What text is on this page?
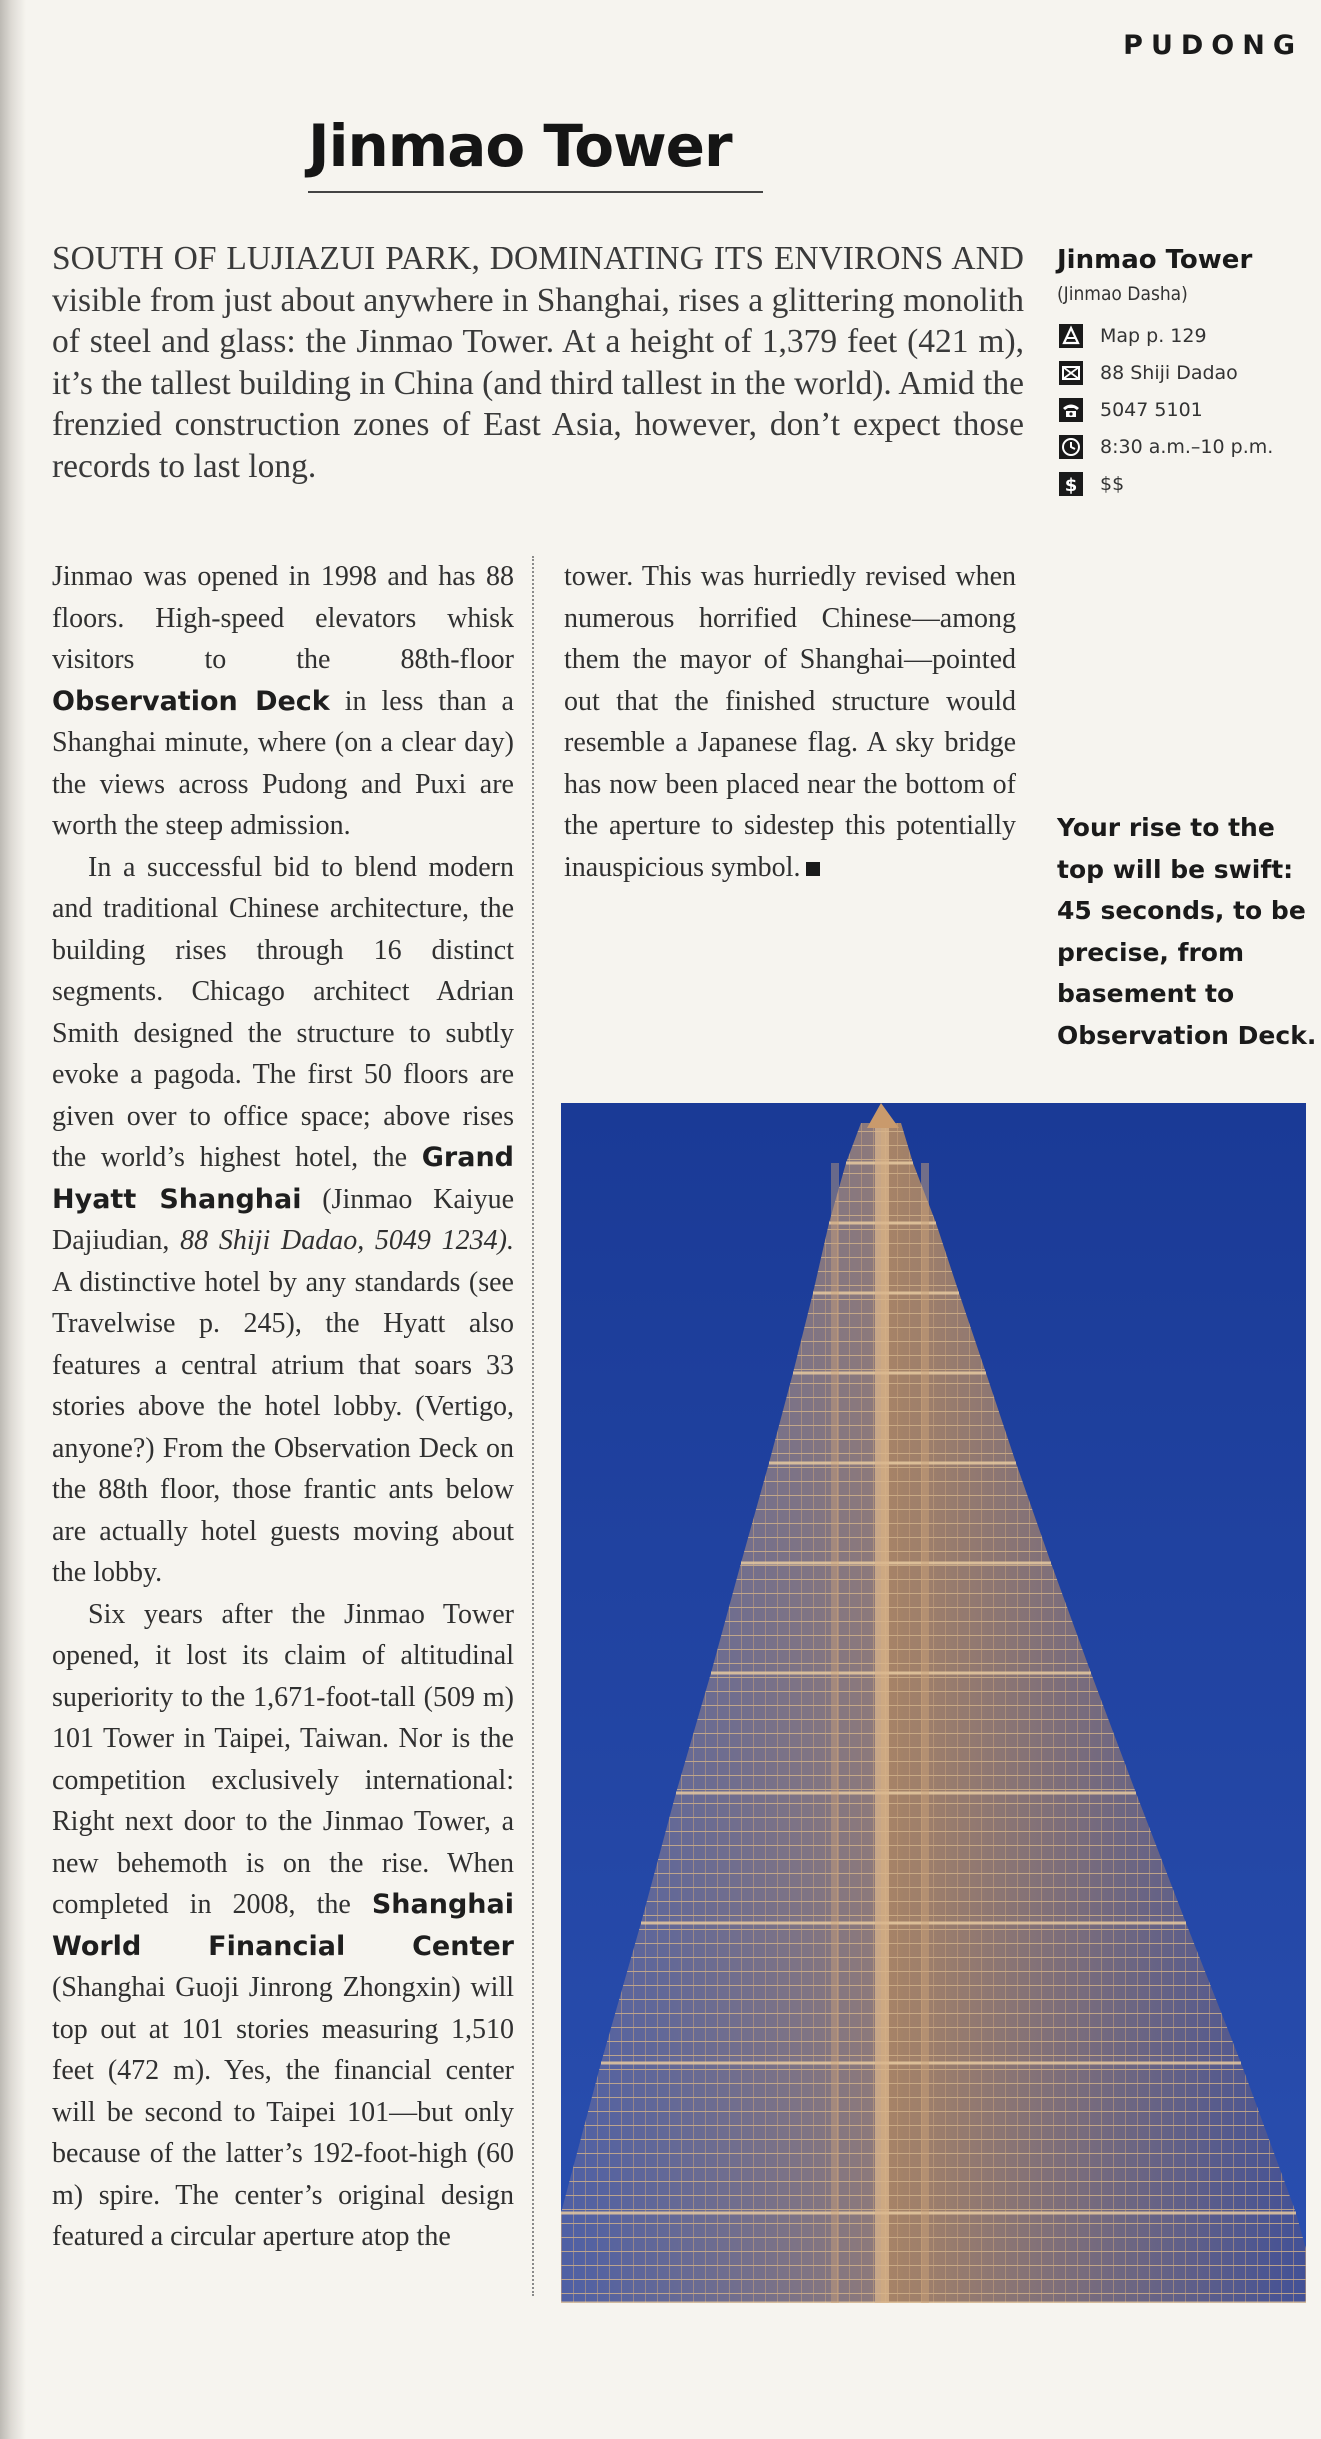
PUDONG
Jinmao Tower

SOUTH OF LUJIAZUI PARK, DOMINATING ITS ENVIRONS AND visible from just about anywhere in Shanghai, rises a glittering monolith of steel and glass: the Jinmao Tower. At a height of 1,379 feet (421 m), it’s the tallest building in China (and third tallest in the world). Amid the frenzied construction zones of East Asia, however, don’t expect those records to last long.

Jinmao Tower
(Jinmao Dasha)
Map p. 129
88 Shiji Dadao
5047 5101
8:30 a.m.–10 p.m.
$ $$

Jinmao was opened in 1998 and has 88 floors. High-speed elevators whisk visitors to the 88th-floor Observation Deck in less than a Shanghai minute, where (on a clear day) the views across Pudong and Puxi are worth the steep admission.

In a successful bid to blend modern and traditional Chinese architecture, the building rises through 16 distinct segments. Chicago architect Adrian Smith designed the structure to subtly evoke a pagoda. The first 50 floors are given over to office space; above rises the world’s highest hotel, the Grand Hyatt Shanghai (Jinmao Kaiyue Dajiudian, 88 Shiji Dadao, 5049 1234). A distinctive hotel by any standards (see Travelwise p. 245), the Hyatt also features a central atrium that soars 33 stories above the hotel lobby. (Vertigo, anyone?) From the Observation Deck on the 88th floor, those frantic ants below are actually hotel guests moving about the lobby.

Six years after the Jinmao Tower opened, it lost its claim of altitudinal superiority to the 1,671-foot-tall (509 m) 101 Tower in Taipei, Taiwan. Nor is the competition exclusively international: Right next door to the Jinmao Tower, a new behemoth is on the rise. When completed in 2008, the Shanghai World Financial Center (Shanghai Guoji Jinrong Zhongxin) will top out at 101 stories measuring 1,510 feet (472 m). Yes, the financial center will be second to Taipei 101—but only because of the latter’s 192-foot-high (60 m) spire. The center’s original design featured a circular aperture atop the

tower. This was hurriedly revised when numerous horrified Chinese—among them the mayor of Shanghai—pointed out that the finished structure would resemble a Japanese flag. A sky bridge has now been placed near the bottom of the aperture to sidestep this potentially inauspicious symbol.

Your rise to the top will be swift: 45 seconds, to be precise, from basement to Observation Deck.
